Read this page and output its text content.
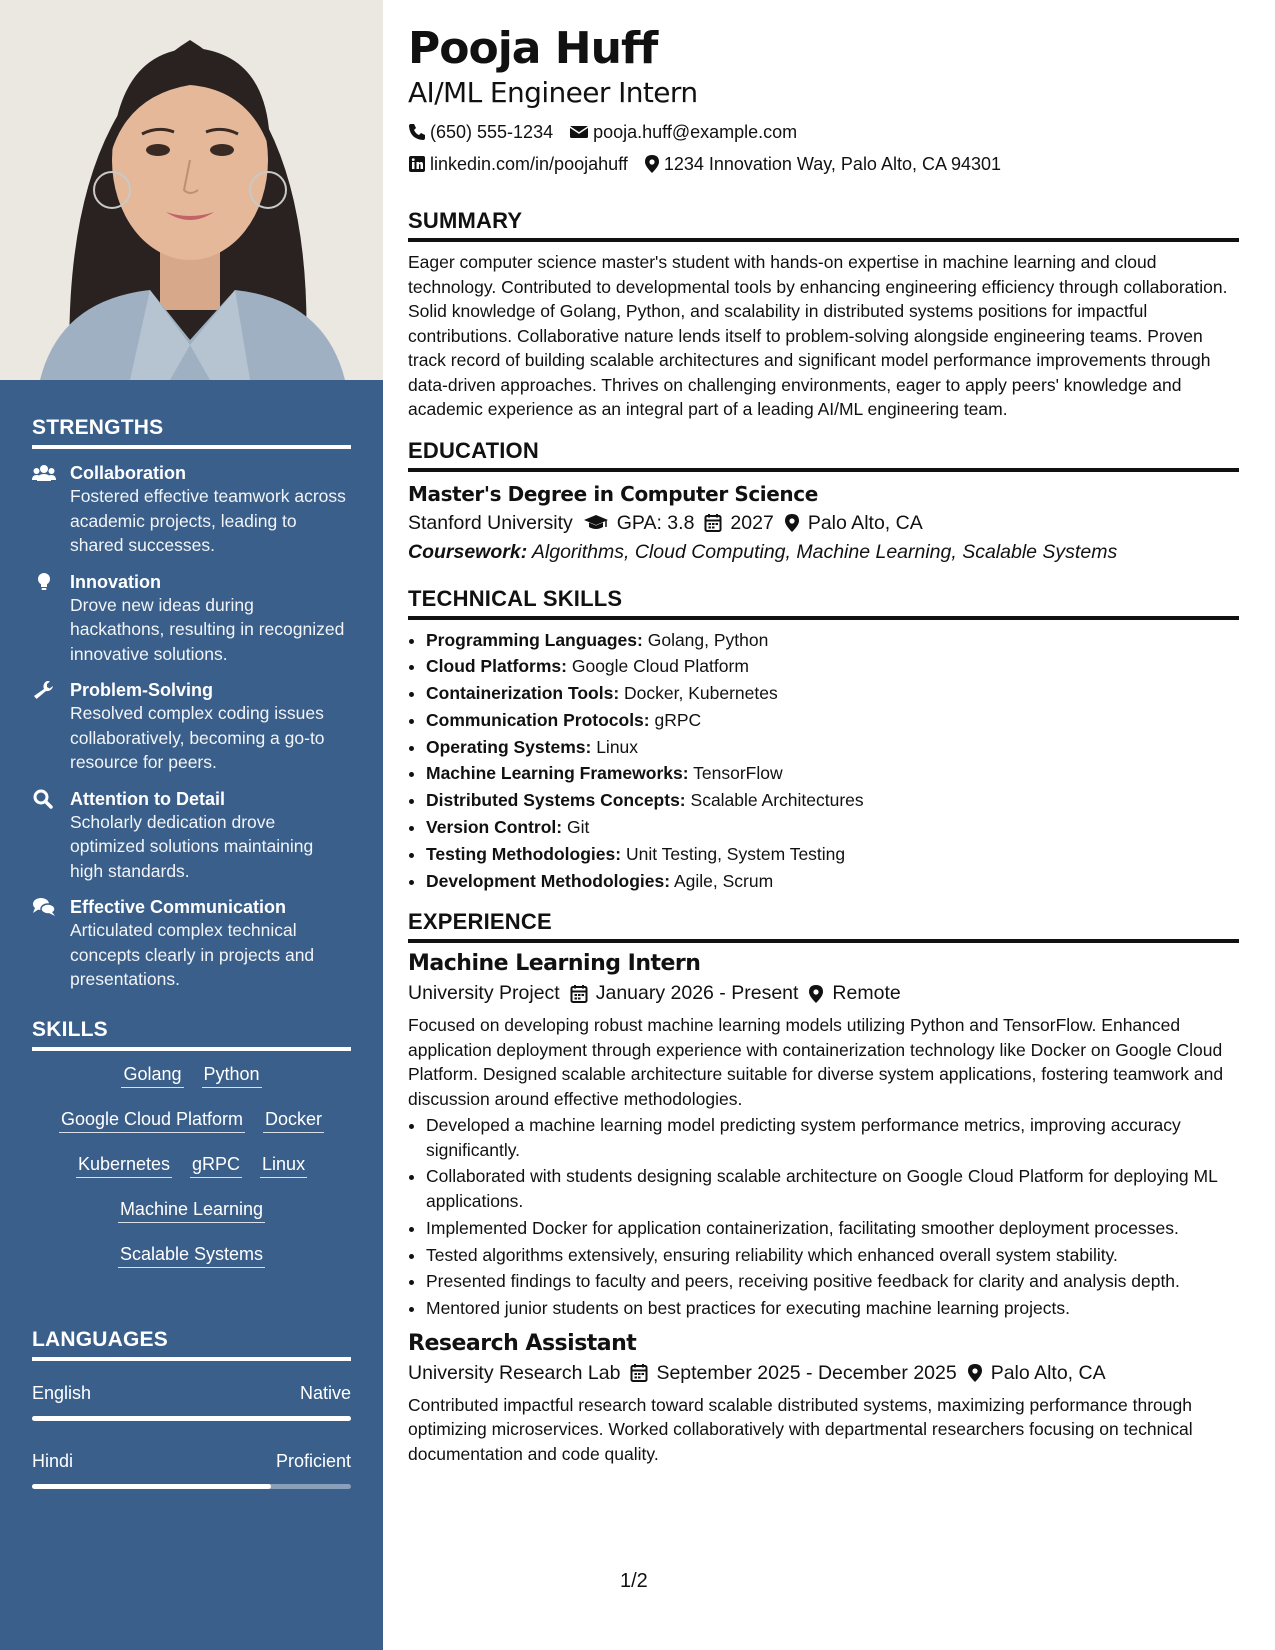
STRENGTHS
Collaboration
Fostered effective teamwork across academic projects, leading to shared successes.
Innovation
Drove new ideas during hackathons, resulting in recognized innovative solutions.
Problem-Solving
Resolved complex coding issues collaboratively, becoming a go-to resource for peers.
Attention to Detail
Scholarly dedication drove optimized solutions maintaining high standards.
Effective Communication
Articulated complex technical concepts clearly in projects and presentations.
SKILLS
Golang Python
Google Cloud Platform Docker
Kubernetes gRPC Linux
Machine Learning
Scalable Systems
LANGUAGES
English	Native
Hindi	Proficient
Pooja Huff
AI/ML Engineer Intern
(650) 555-1234 pooja.huff@example.com
linkedin.com/in/poojahuff 1234 Innovation Way, Palo Alto, CA 94301
SUMMARY

Eager computer science master's student with hands-on expertise in machine learning and cloud technology. Contributed to developmental tools by enhancing engineering efficiency through collaboration. Solid knowledge of Golang, Python, and scalability in distributed systems positions for impactful contributions. Collaborative nature lends itself to problem-solving alongside engineering teams. Proven track record of building scalable architectures and significant model performance improvements through data-driven approaches. Thrives on challenging environments, eager to apply peers' knowledge and academic experience as an integral part of a leading AI/ML engineering team.

EDUCATION
Master's Degree in Computer Science
Stanford University GPA: 3.8 2027 Palo Alto, CA
Coursework: Algorithms, Cloud Computing, Machine Learning, Scalable Systems
TECHNICAL SKILLS
• Programming Languages: Golang, Python
• Cloud Platforms: Google Cloud Platform
• Containerization Tools: Docker, Kubernetes
• Communication Protocols: gRPC
• Operating Systems: Linux
• Machine Learning Frameworks: TensorFlow
• Distributed Systems Concepts: Scalable Architectures
• Version Control: Git
• Testing Methodologies: Unit Testing, System Testing
• Development Methodologies: Agile, Scrum
EXPERIENCE
Machine Learning Intern
University Project January 2026 - Present Remote

Focused on developing robust machine learning models utilizing Python and TensorFlow. Enhanced application deployment through experience with containerization technology like Docker on Google Cloud Platform. Designed scalable architecture suitable for diverse system applications, fostering teamwork and discussion around effective methodologies.

• Developed a machine learning model predicting system performance metrics, improving accuracy significantly.
• Collaborated with students designing scalable architecture on Google Cloud Platform for deploying ML applications.
• Implemented Docker for application containerization, facilitating smoother deployment processes.
• Tested algorithms extensively, ensuring reliability which enhanced overall system stability.
• Presented findings to faculty and peers, receiving positive feedback for clarity and analysis depth.
• Mentored junior students on best practices for executing machine learning projects.
Research Assistant
University Research Lab September 2025 - December 2025 Palo Alto, CA

Contributed impactful research toward scalable distributed systems, maximizing performance through optimizing microservices. Worked collaboratively with departmental researchers focusing on technical documentation and code quality.

1/2
